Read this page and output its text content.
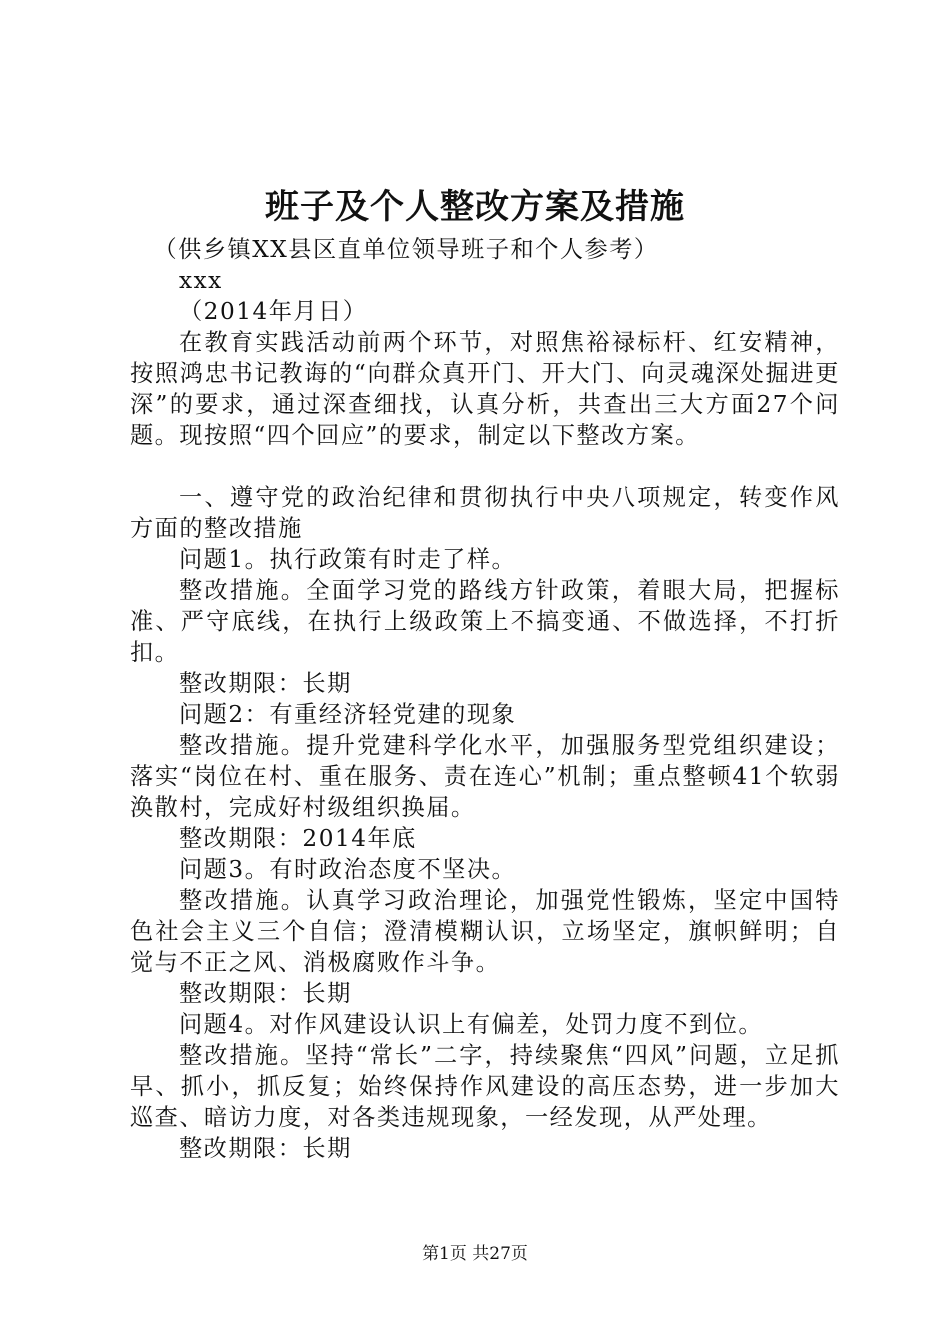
班子及个人整改方案及措施

（供乡镇XX县区直单位领导班子和个人参考）

xxx

（2014年月日）

在教育实践活动前两个环节，对照焦裕禄标杆、红安精神，按照鸿忠书记教诲的“向群众真开门、开大门、向灵魂深处掘进更深”的要求，通过深查细找，认真分析，共查出三大方面27个问题。现按照“四个回应”的要求，制定以下整改方案。

一、遵守党的政治纪律和贯彻执行中央八项规定，转变作风方面的整改措施

问题1。执行政策有时走了样。

整改措施。全面学习党的路线方针政策，着眼大局，把握标准、严守底线，在执行上级政策上不搞变通、不做选择，不打折扣。

整改期限：长期

问题2：有重经济轻党建的现象

整改措施。提升党建科学化水平，加强服务型党组织建设；落实“岗位在村、重在服务、责在连心”机制；重点整顿41个软弱涣散村，完成好村级组织换届。

整改期限：2014年底

问题3。有时政治态度不坚决。

整改措施。认真学习政治理论，加强党性锻炼，坚定中国特色社会主义三个自信；澄清模糊认识，立场坚定，旗帜鲜明；自觉与不正之风、消极腐败作斗争。

整改期限：长期

问题4。对作风建设认识上有偏差，处罚力度不到位。

整改措施。坚持“常长”二字，持续聚焦“四风”问题，立足抓早、抓小，抓反复；始终保持作风建设的高压态势，进一步加大巡查、暗访力度，对各类违规现象，一经发现，从严处理。

整改期限：长期

第1页 共27页
